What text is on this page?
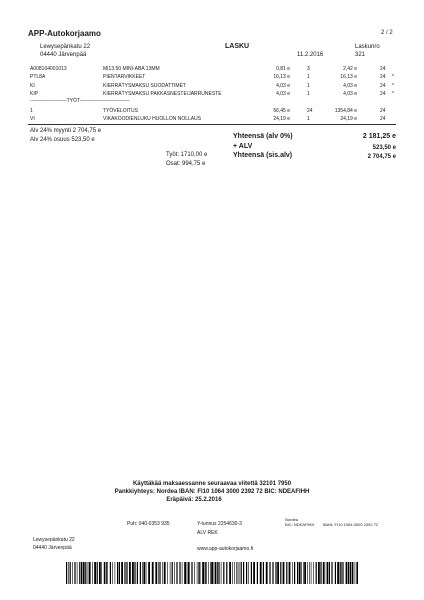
APP-Autokorjaamo	2 / 2
Lewysepänkatu 22
04440 Järvenpää
LASKU	Laskunro
11.2.2016	321
A008104001013	MI13.50 MINI-ABA 13MM	0,81 e	3	2,42 e	24
PTL8A	PIENTARVIKKEET	16,13 e	1	16,13 e	24 *
KI	KIERRÄTYSMAKSU SUODATTIMET	4,03 e	1	4,03 e	24 *
KIP	KIERRÄTYSMAKSU PAKKASNESTE/JARRUNESTE	4,03 e	1	4,03 e	24 *
----------------------TYÖT------------------------------
1	TYÖVELOITUS	56,45 e	24	1354,84 e	24
VI	VIKAKOODIENLUKU HUOLLON NOLLAUS	24,19 e	1	24,19 e	24
Alv 24% myynti 2 704,75 e
Alv 24% osuus 523,50 e
Työt: 1710,00 e
Osat: 994,75 e
Yhteensä (alv 0%)	2 181,25 e
+ ALV	523,50 e
Yhteensä (sis.alv)	2 704,75 e
Käyttäkää maksaessanne seuraavaa viitettä 32101 7950
Pankkiyhteys: Nordea IBAN: FI10 1064 3000 2392 72 BIC: NDEAFIHH
Eräpäivä: 25.2.2016
Puh: 040-0353 935	Y-tunnus 2254630-3
ALV REK
Nordea
BIC: NDEAFIHH IBAN: FI10 1064 3000 2392 72
Lewysepänkatu 22
04440 Järvenpää	www.app-autokorjaamo.fi
